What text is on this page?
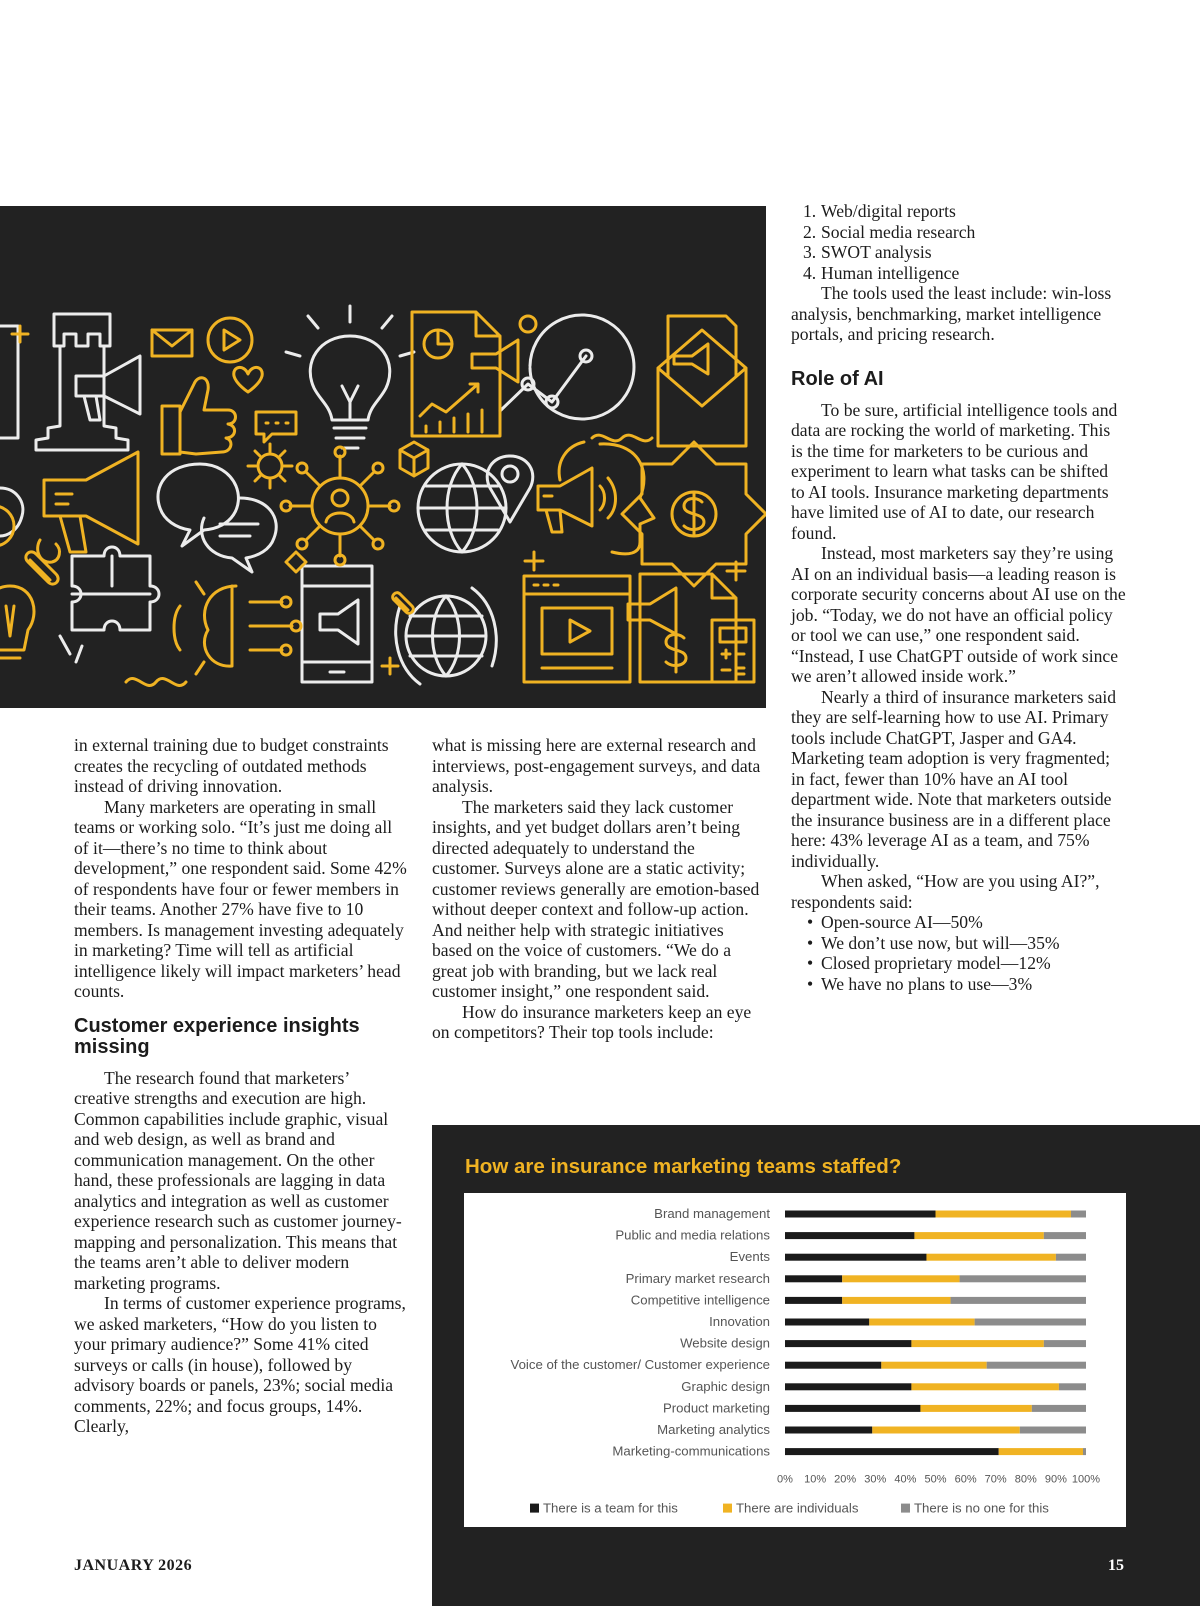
in external training due to budget constraints creates the recycling of outdated methods instead of driving innovation.

Many marketers are operating in small teams or working solo. “It’s just me doing all of it—there’s no time to think about development,” one respondent said. Some 42% of respondents have four or fewer members in their teams. Another 27% have five to 10 members. Is management investing adequately in marketing? Time will tell as artificial intelligence likely will impact marketers’ head counts.

Customer experience insights missing

The research found that marketers’ creative strengths and execution are high. Common capabilities include graphic, visual and web design, as well as brand and communication management. On the other hand, these professionals are lagging in data analytics and integration as well as customer experience research such as customer journey-mapping and personalization. This means that the teams aren’t able to deliver modern marketing programs.

In terms of customer experience programs, we asked marketers, “How do you listen to your primary audience?” Some 41% cited surveys or calls (in house), followed by advisory boards or panels, 23%; social media comments, 22%; and focus groups, 14%. Clearly,

what is missing here are external research and interviews, post-engagement surveys, and data analysis.

The marketers said they lack customer insights, and yet budget dollars aren’t being directed adequately to understand the customer. Surveys alone are a static activity; customer reviews generally are emotion-based without deeper context and follow-up action. And neither help with strategic initiatives based on the voice of customers. “We do a great job with branding, but we lack real customer insight,” one respondent said.

How do insurance marketers keep an eye on competitors? Their top tools include:

1. Web/digital reports
2. Social media research
3. SWOT analysis
4. Human intelligence

The tools used the least include: win-loss analysis, benchmarking, market intelligence portals, and pricing research.

Role of AI

To be sure, artificial intelligence tools and data are rocking the world of marketing. This is the time for marketers to be curious and experiment to learn what tasks can be shifted to AI tools. Insurance marketing departments have limited use of AI to date, our research found.

Instead, most marketers say they’re using AI on an individual basis—a leading reason is corporate security concerns about AI use on the job. “Today, we do not have an official policy or tool we can use,” one respondent said. “Instead, I use ChatGPT outside of work since we aren’t allowed inside work.”

Nearly a third of insurance marketers said they are self-learning how to use AI. Primary tools include ChatGPT, Jasper and GA4. Marketing team adoption is very fragmented; in fact, fewer than 10% have an AI tool department wide. Note that marketers outside the insurance business are in a different place here: 43% leverage AI as a team, and 75% individually.

When asked, “How are you using AI?”, respondents said:

• Open-source AI—50%
• We don’t use now, but will—35%
• Closed proprietary model—12%
• We have no plans to use—3%
How are insurance marketing teams staffed?
Brand management
Public and media relations
Events
Primary market research
Competitive intelligence
Innovation
Website design
Voice of the customer/ Customer experience
Graphic design
Product marketing
Marketing analytics
Marketing-communications
0% 10% 20% 30% 40% 50% 60% 70% 80% 90% 100%
There is a team for this	There are individuals	There is no one for this
JANUARY 2026	15
